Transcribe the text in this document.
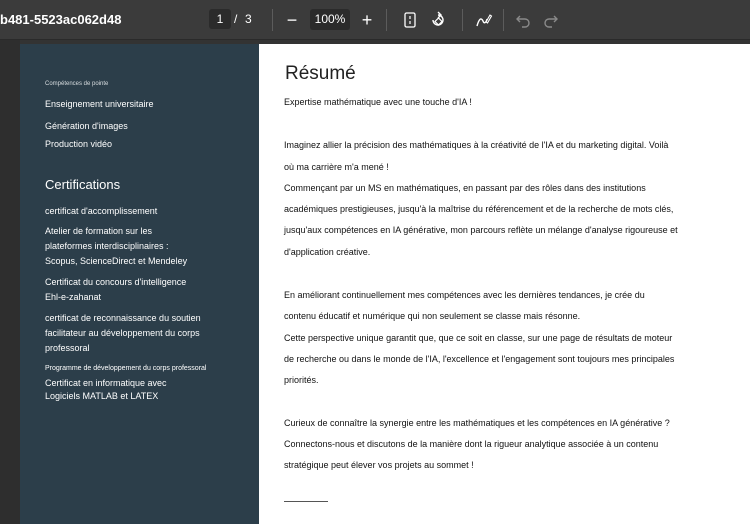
b481-5523ac062d48	1 / 3	−	100% +
Compétences de pointe
Enseignement universitaire
Génération d'images
Production vidéo
Certifications
certificat d'accomplissement
Atelier de formation sur les
plateformes interdisciplinaires :
Scopus, ScienceDirect et Mendeley
Certificat du concours d'intelligence
Ehl-e-zahanat
certificat de reconnaissance du soutien
facilitateur au développement du corps
professoral
Programme de développement du corps professoral
Certificat en informatique avec
Logiciels MATLAB et LATEX
Résumé
Expertise mathématique avec une touche d'IA !
Imaginez allier la précision des mathématiques à la créativité de l'IA et du marketing digital. Voilà
où ma carrière m'a mené !
Commençant par un MS en mathématiques, en passant par des rôles dans des institutions
académiques prestigieuses, jusqu'à la maîtrise du référencement et de la recherche de mots clés,
jusqu'aux compétences en IA générative, mon parcours reflète un mélange d'analyse rigoureuse et
d'application créative.
En améliorant continuellement mes compétences avec les dernières tendances, je crée du
contenu éducatif et numérique qui non seulement se classe mais résonne.
Cette perspective unique garantit que, que ce soit en classe, sur une page de résultats de moteur
de recherche ou dans le monde de l'IA, l'excellence et l'engagement sont toujours mes principales
priorités.
Curieux de connaître la synergie entre les mathématiques et les compétences en IA générative ?
Connectons-nous et discutons de la manière dont la rigueur analytique associée à un contenu
stratégique peut élever vos projets au sommet !
